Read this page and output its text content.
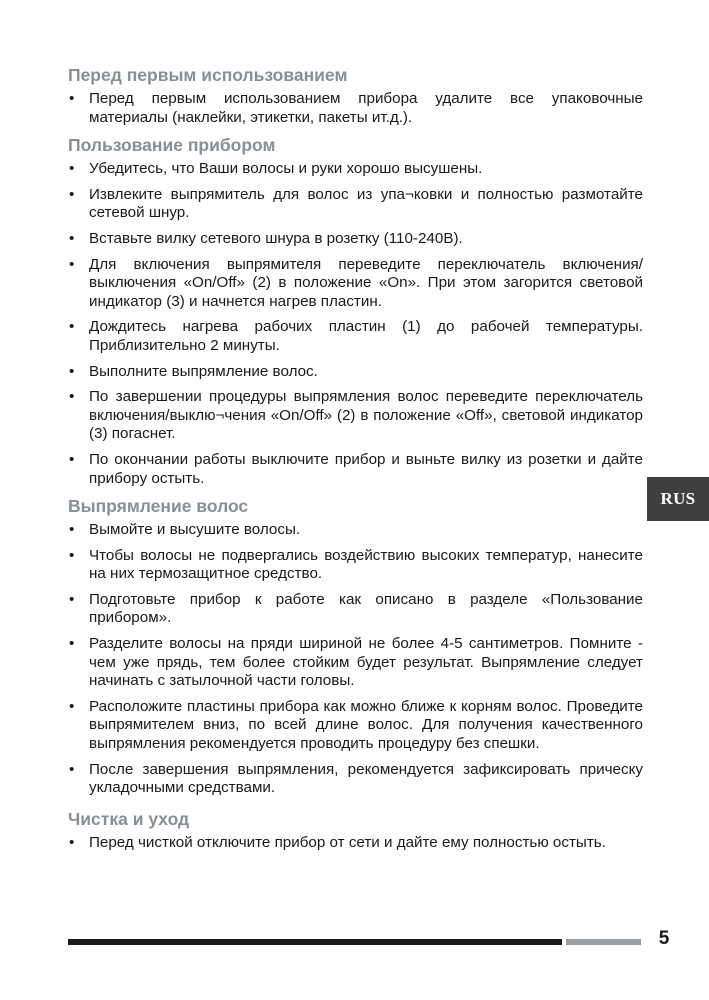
Перед первым использованием
• Перед первым использованием прибора удалите все упаковочные материалы (наклейки, этикетки, пакеты ит.д.).
Пользование прибором
• Убедитесь, что Ваши волосы и руки хорошо высушены.
• Извлеките выпрямитель для волос из упа¬ковки и полностью размотайте сетевой шнур.
• Вставьте вилку сетевого шнура в розетку (110-240В).
• Для включения выпрямителя переведите переключатель включения/выключения «On/Off» (2) в положение «On». При этом загорится световой индикатор (3) и начнется нагрев пластин.
• Дождитесь нагрева рабочих пластин (1) до рабочей температуры. Приблизительно 2 минуты.
• Выполните выпрямление волос.
• По завершении процедуры выпрямления волос переведите переключатель включения/выклю¬чения «On/Off» (2) в положение «Off», световой индикатор (3) погаснет.
• По окончании работы выключите прибор и выньте вилку из розетки и дайте прибору остыть.
Выпрямление волос
• Вымойте и высушите волосы.
• Чтобы волосы не подвергались воздействию высоких температур, нанесите на них термозащитное средство.
• Подготовьте прибор к работе как описано в разделе «Пользование прибором».
• Разделите волосы на пряди шириной не более 4-5 сантиметров. Помните - чем уже прядь, тем более стойким будет результат. Выпрямление следует начинать с затылочной части головы.
• Расположите пластины прибора как можно ближе к корням волос. Проведите выпрямителем вниз, по всей длине волос. Для получения качественного выпрямления рекомендуется проводить процедуру без спешки.
• После завершения выпрямления, рекомендуется зафиксировать прическу укладочными средствами.
Чистка и уход
• Перед чисткой отключите прибор от сети и дайте ему полностью остыть.
RUS
5
